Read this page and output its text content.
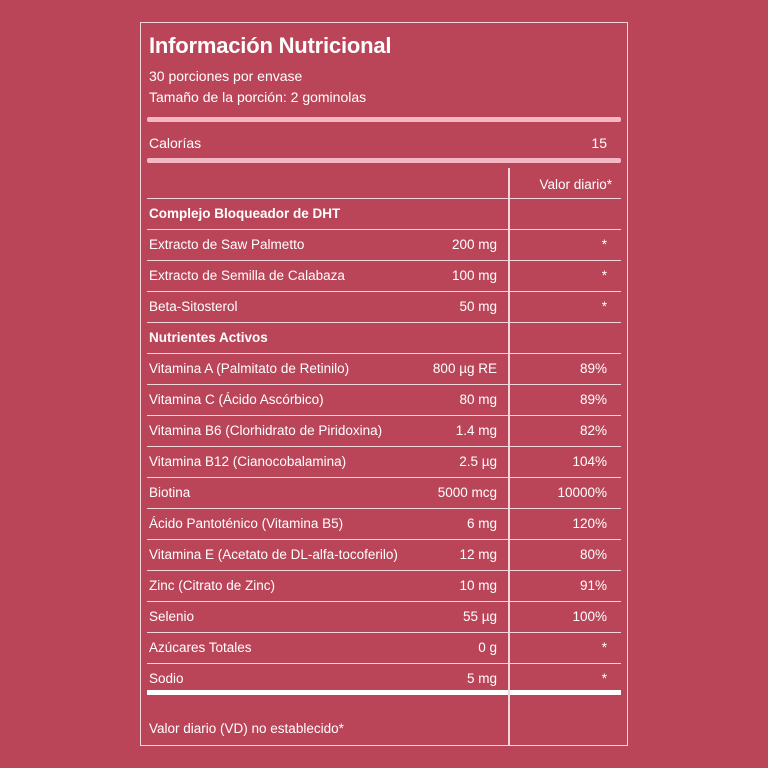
Información Nutricional
30 porciones por envase
Tamaño de la porción: 2 gominolas
Calorías	15
Valor diario*
Complejo Bloqueador de DHT
Extracto de Saw Palmetto	200 mg	*
Extracto de Semilla de Calabaza	100 mg	*
Beta-Sitosterol	50 mg	*
Nutrientes Activos
Vitamina A (Palmitato de Retinilo)	800 µg RE	89%
Vitamina C (Ácido Ascórbico)	80 mg	89%
Vitamina B6 (Clorhidrato de Piridoxina)	1.4 mg	82%
Vitamina B12 (Cianocobalamina)	2.5 µg	104%
Biotina	5000 mcg	10000%
Ácido Pantoténico (Vitamina B5)	6 mg	120%
Vitamina E (Acetato de DL-alfa-tocoferilo)	12 mg	80%
Zinc (Citrato de Zinc)	10 mg	91%
Selenio	55 µg	100%
Azúcares Totales	0 g	*
Sodio	5 mg	*
Valor diario (VD) no establecido*
